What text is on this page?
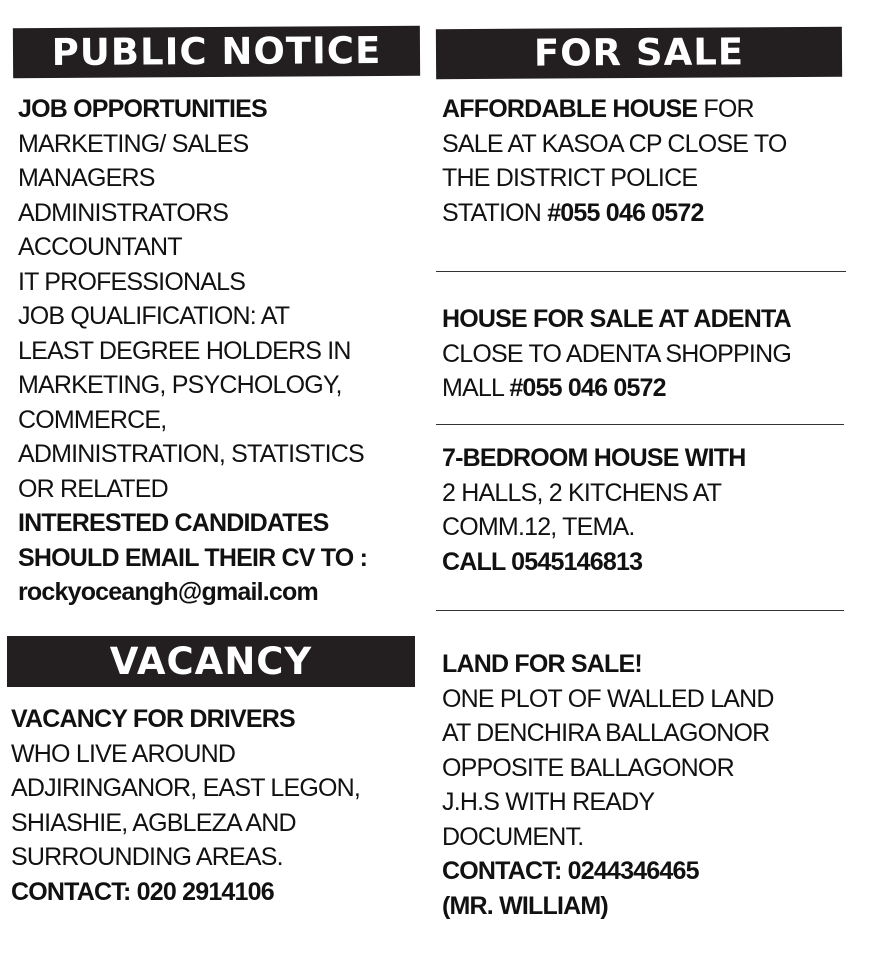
PUBLIC NOTICE	FOR SALE
VACANCY
JOB OPPORTUNITIES
MARKETING/ SALES
MANAGERS
ADMINISTRATORS
ACCOUNTANT
IT PROFESSIONALS
JOB QUALIFICATION: AT
LEAST DEGREE HOLDERS IN
MARKETING, PSYCHOLOGY,
COMMERCE,
ADMINISTRATION, STATISTICS
OR RELATED
INTERESTED CANDIDATES
SHOULD EMAIL THEIR CV TO :
rockyoceangh@gmail.com
VACANCY FOR DRIVERS
WHO LIVE AROUND
ADJIRINGANOR, EAST LEGON,
SHIASHIE, AGBLEZA AND
SURROUNDING AREAS.
CONTACT: 020 2914106
AFFORDABLE HOUSE FOR
SALE AT KASOA CP CLOSE TO
THE DISTRICT POLICE
STATION #055 046 0572
HOUSE FOR SALE AT ADENTA
CLOSE TO ADENTA SHOPPING
MALL #055 046 0572
7-BEDROOM HOUSE WITH
2 HALLS, 2 KITCHENS AT
COMM.12, TEMA.
CALL 0545146813
LAND FOR SALE!
ONE PLOT OF WALLED LAND
AT DENCHIRA BALLAGONOR
OPPOSITE BALLAGONOR
J.H.S WITH READY
DOCUMENT.
CONTACT: 0244346465
(MR. WILLIAM)
